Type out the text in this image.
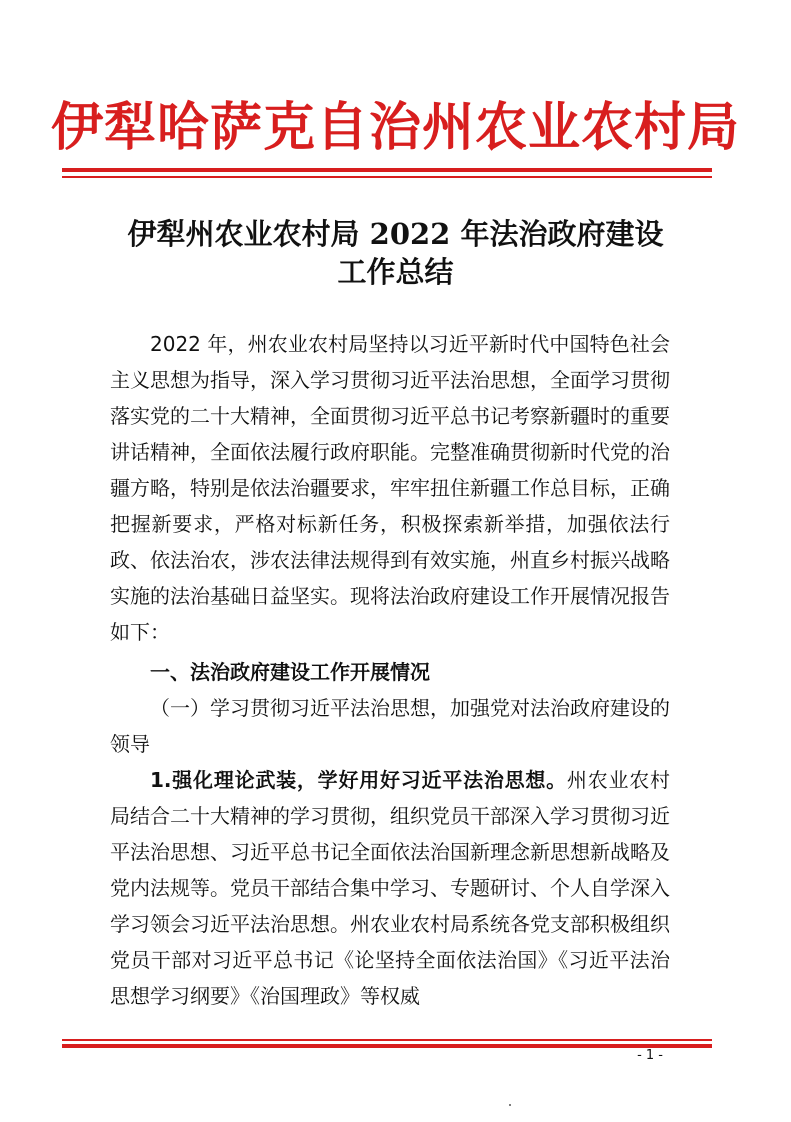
伊犁哈萨克自治州农业农村局
伊犁州农业农村局 2022 年法治政府建设
工作总结

2022 年，州农业农村局坚持以习近平新时代中国特色社会主义思想为指导，深入学习贯彻习近平法治思想，全面学习贯彻落实党的二十大精神，全面贯彻习近平总书记考察新疆时的重要讲话精神，全面依法履行政府职能。完整准确贯彻新时代党的治疆方略，特别是依法治疆要求，牢牢扭住新疆工作总目标，正确把握新要求，严格对标新任务，积极探索新举措，加强依法行政、依法治农，涉农法律法规得到有效实施，州直乡村振兴战略实施的法治基础日益坚实。现将法治政府建设工作开展情况报告如下：

一、法治政府建设工作开展情况

（一）学习贯彻习近平法治思想，加强党对法治政府建设的领导

1.强化理论武装，学好用好习近平法治思想。州农业农村局结合二十大精神的学习贯彻，组织党员干部深入学习贯彻习近平法治思想、习近平总书记全面依法治国新理念新思想新战略及党内法规等。党员干部结合集中学习、专题研讨、个人自学深入学习领会习近平法治思想。州农业农村局系统各党支部积极组织党员干部对习近平总书记《论坚持全面依法治国》《习近平法治思想学习纲要》《治国理政》等权威

- 1 -
